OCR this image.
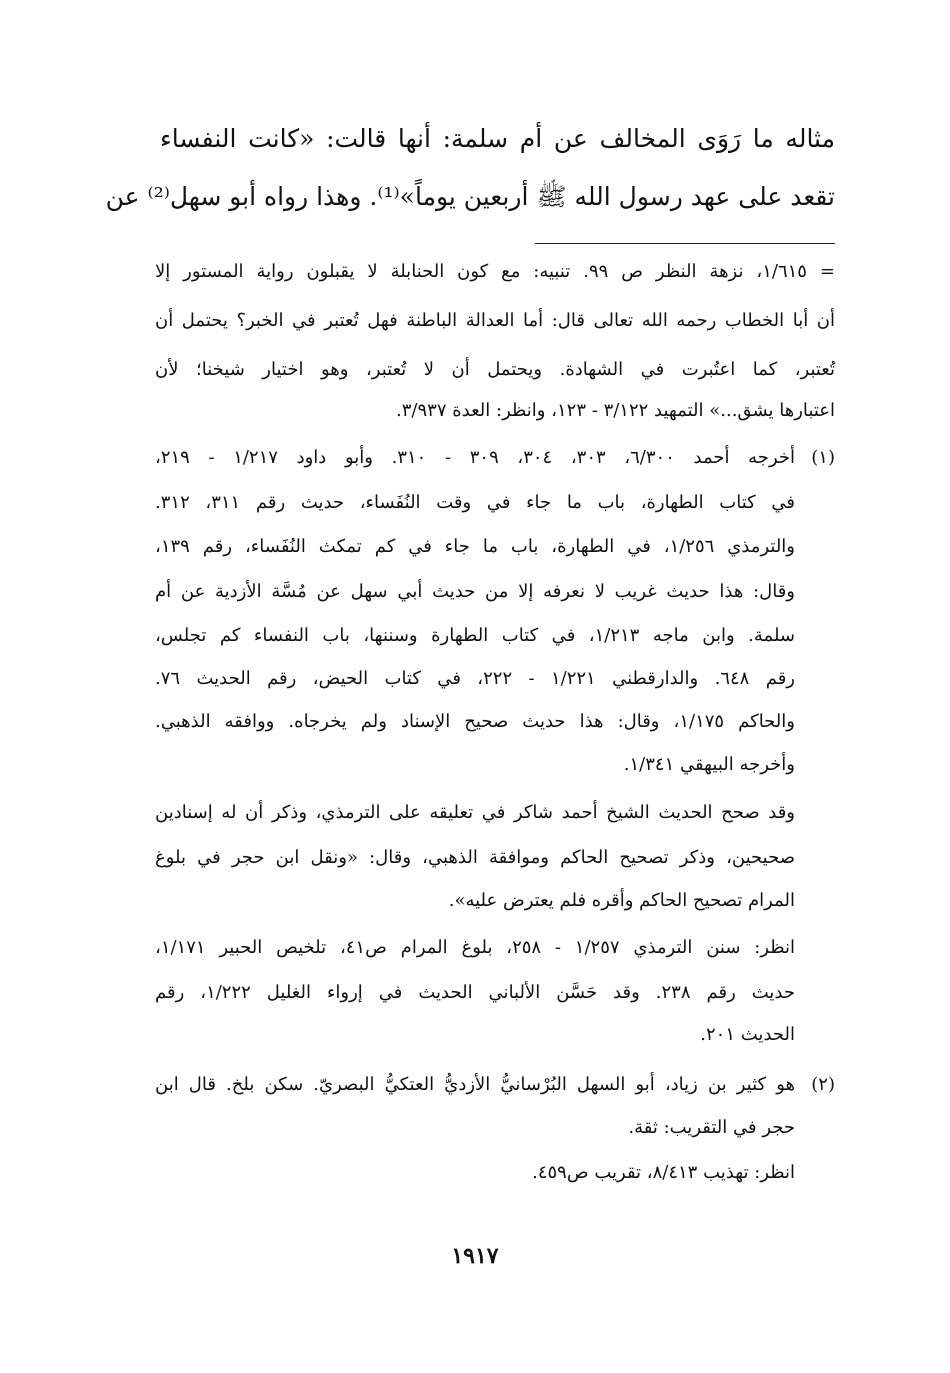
مثاله ما رَوَى المخالف عن أم سلمة: أنها قالت: «كانت النفساء
تقعد على عهد رسول الله ﷺ أربعين يوماً»⁽¹⁾. وهذا رواه أبو سهل⁽²⁾ عن
= ١/٦١٥، نزهة النظر ص ٩٩. تنبيه: مع كون الحنابلة لا يقبلون رواية المستور إلا
أن أبا الخطاب رحمه الله تعالى قال: أما العدالة الباطنة فهل تُعتبر في الخبر؟ يحتمل أن
تُعتبر، كما اعتُبرت في الشهادة. ويحتمل أن لا تُعتبر، وهو اختيار شيخنا؛ لأن
اعتبارها يشق...» التمهيد ٣/١٢٢ - ١٢٣، وانظر: العدة ٣/٩٣٧.
(١)
أخرجه أحمد ٦/٣٠٠، ٣٠٣، ٣٠٤، ٣٠٩ - ٣١٠. وأبو داود ١/٢١٧ - ٢١٩،
في كتاب الطهارة، باب ما جاء في وقت النُفَساء، حديث رقم ٣١١، ٣١٢.
والترمذي ١/٢٥٦، في الطهارة، باب ما جاء في كم تمكث النُفَساء، رقم ١٣٩،
وقال: هذا حديث غريب لا نعرفه إلا من حديث أبي سهل عن مُسَّة الأزدية عن أم
سلمة. وابن ماجه ١/٢١٣، في كتاب الطهارة وسننها، باب النفساء كم تجلس،
رقم ٦٤٨. والدارقطني ١/٢٢١ - ٢٢٢، في كتاب الحيض، رقم الحديث ٧٦.
والحاكم ١/١٧٥، وقال: هذا حديث صحيح الإسناد ولم يخرجاه. ووافقه الذهبي.
وأخرجه البيهقي ١/٣٤١.
وقد صحح الحديث الشيخ أحمد شاكر في تعليقه على الترمذي، وذكر أن له إسنادين
صحيحين، وذكر تصحيح الحاكم وموافقة الذهبي، وقال: «ونقل ابن حجر في بلوغ
المرام تصحيح الحاكم وأقره فلم يعترض عليه».
انظر: سنن الترمذي ١/٢٥٧ - ٢٥٨، بلوغ المرام ص٤١، تلخيص الحبير ١/١٧١،
حديث رقم ٢٣٨. وقد حَسَّن الألباني الحديث في إرواء الغليل ١/٢٢٢، رقم
الحديث ٢٠١.
(٢)
هو كثير بن زياد، أبو السهل البُرْسانيُّ الأزديُّ العتكيُّ البصريّ. سكن بلخ. قال ابن
حجر في التقريب: ثقة.
انظر: تهذيب ٨/٤١٣، تقريب ص٤٥٩.
١٩١٧
